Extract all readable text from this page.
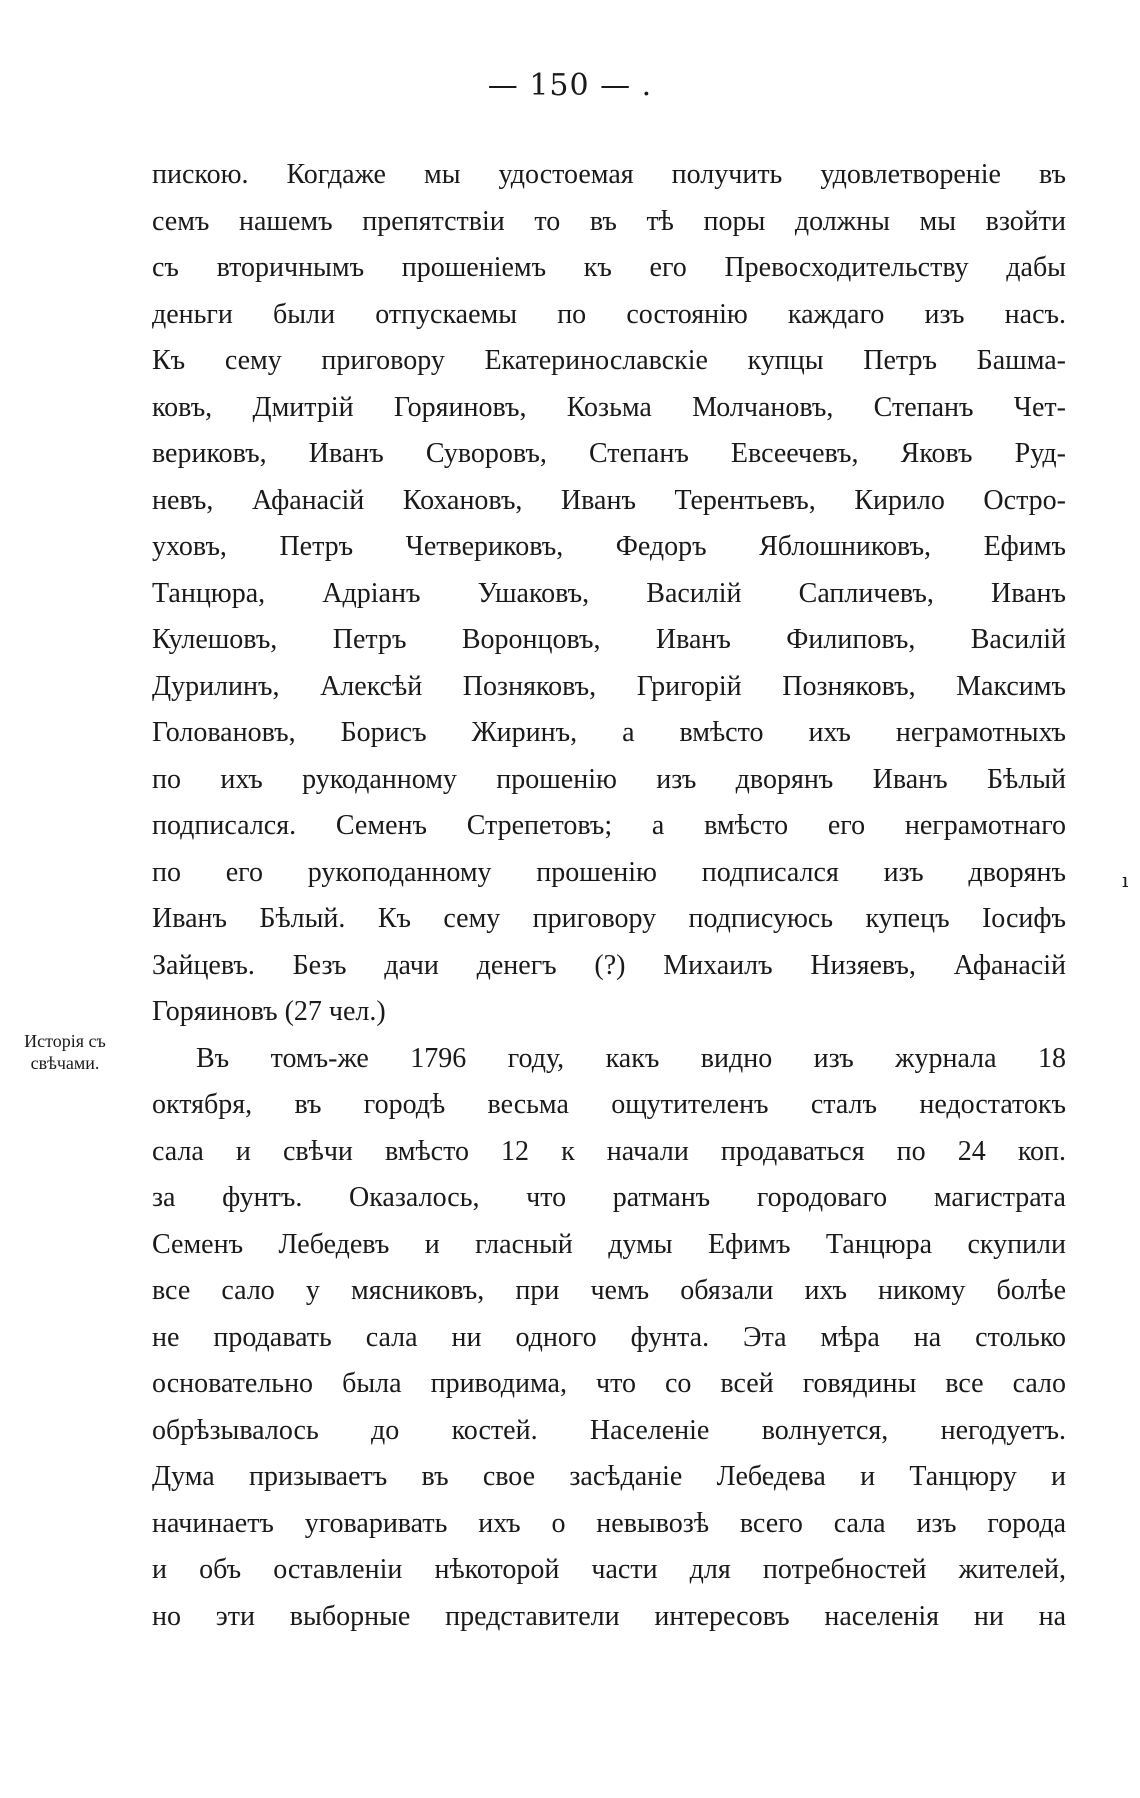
— 150 — .
Исторія съ
свѣчами.
пискою. Когдаже мы удостоемая получить удовлетвореніе въ
семъ нашемъ препятствіи то въ тѣ поры должны мы взойти
съ вторичнымъ прошеніемъ къ его Превосходительству дабы
деньги были отпускаемы по состоянію каждаго изъ насъ.
Къ сему приговору Екатеринославскіе купцы Петръ Башма-
ковъ, Дмитрій Горяиновъ, Козьма Молчановъ, Степанъ Чет-
вериковъ, Иванъ Суворовъ, Степанъ Евсеечевъ, Яковъ Руд-
невъ, Афанасій Кохановъ, Иванъ Терентьевъ, Кирило Остро-
уховъ, Петръ Четвериковъ, Федоръ Яблошниковъ, Ефимъ
Танцюра, Адріанъ Ушаковъ, Василій Сапличевъ, Иванъ
Кулешовъ, Петръ Воронцовъ, Иванъ Филиповъ, Василій
Дурилинъ, Алексѣй Позняковъ, Григорій Позняковъ, Максимъ
Головановъ, Борисъ Жиринъ, а вмѣсто ихъ неграмотныхъ
по ихъ рукоданному прошенію изъ дворянъ Иванъ Бѣлый
подписался. Семенъ Стрепетовъ; а вмѣсто его неграмотнаго
по его рукоподанному прошенію подписался изъ дворянъ
Иванъ Бѣлый. Къ сему приговору подписуюсь купецъ Іосифъ
Зайцевъ. Безъ дачи денегъ (?) Михаилъ Низяевъ, Афанасій
Горяиновъ (27 чел.)
Въ томъ-же 1796 году, какъ видно изъ журнала 18
октября, въ городѣ весьма ощутителенъ сталъ недостатокъ
сала и свѣчи вмѣсто 12 к начали продаваться по 24 коп.
за фунтъ. Оказалось, что ратманъ городоваго магистрата
Семенъ Лебедевъ и гласный думы Ефимъ Танцюра скупили
все сало у мясниковъ, при чемъ обязали ихъ никому болѣе
не продавать сала ни одного фунта. Эта мѣра на столько
основательно была приводима, что со всей говядины все сало
обрѣзывалось до костей. Населеніе волнуется, негодуетъ.
Дума призываетъ въ свое засѣданіе Лебедева и Танцюру и
начинаетъ уговаривать ихъ о невывозѣ всего сала изъ города
и объ оставленіи нѣкоторой части для потребностей жителей,
но эти выборные представители интересовъ населенія ни на
ı
